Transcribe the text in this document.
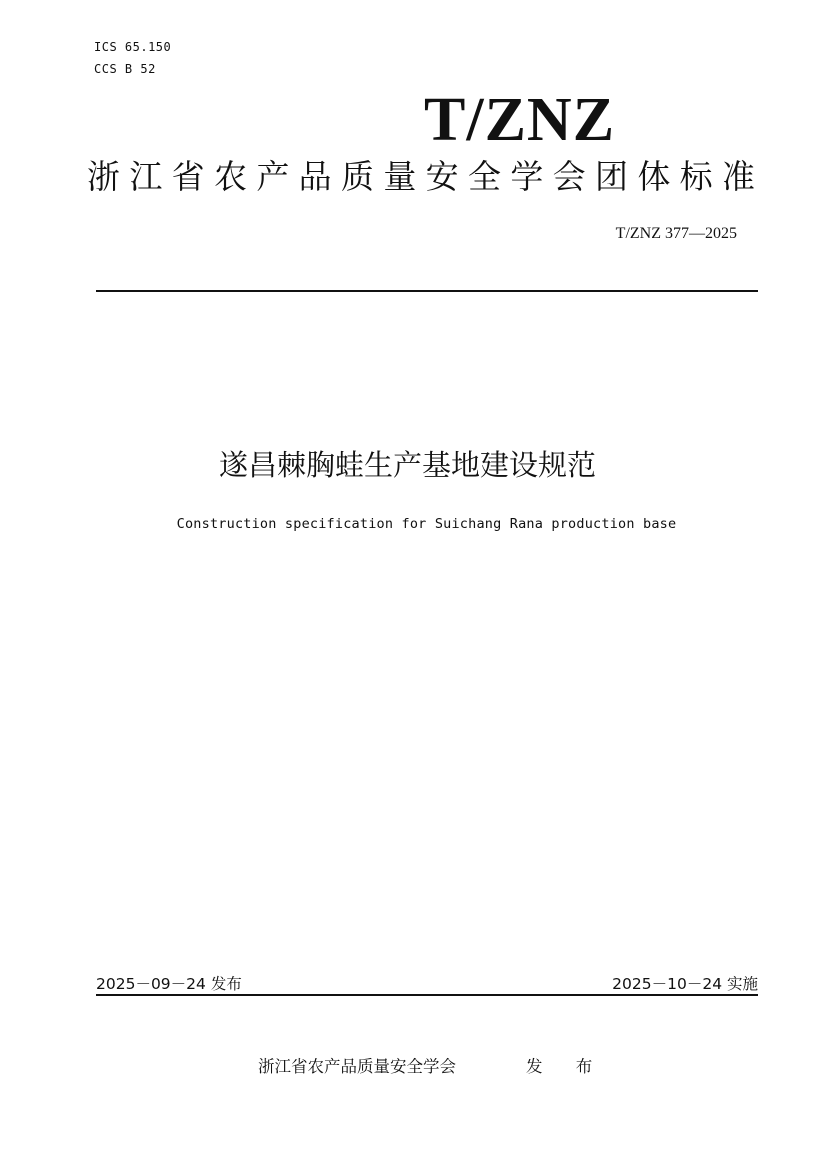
ICS 65.150
CCS B 52
T/ZNZ
浙江省农产品质量安全学会团体标准
T/ZNZ 377—2025
遂昌棘胸蛙生产基地建设规范
Construction specification for Suichang Rana production base
2025－09－24 发布	2025－10－24 实施
浙江省农产品质量安全学会	发 布
